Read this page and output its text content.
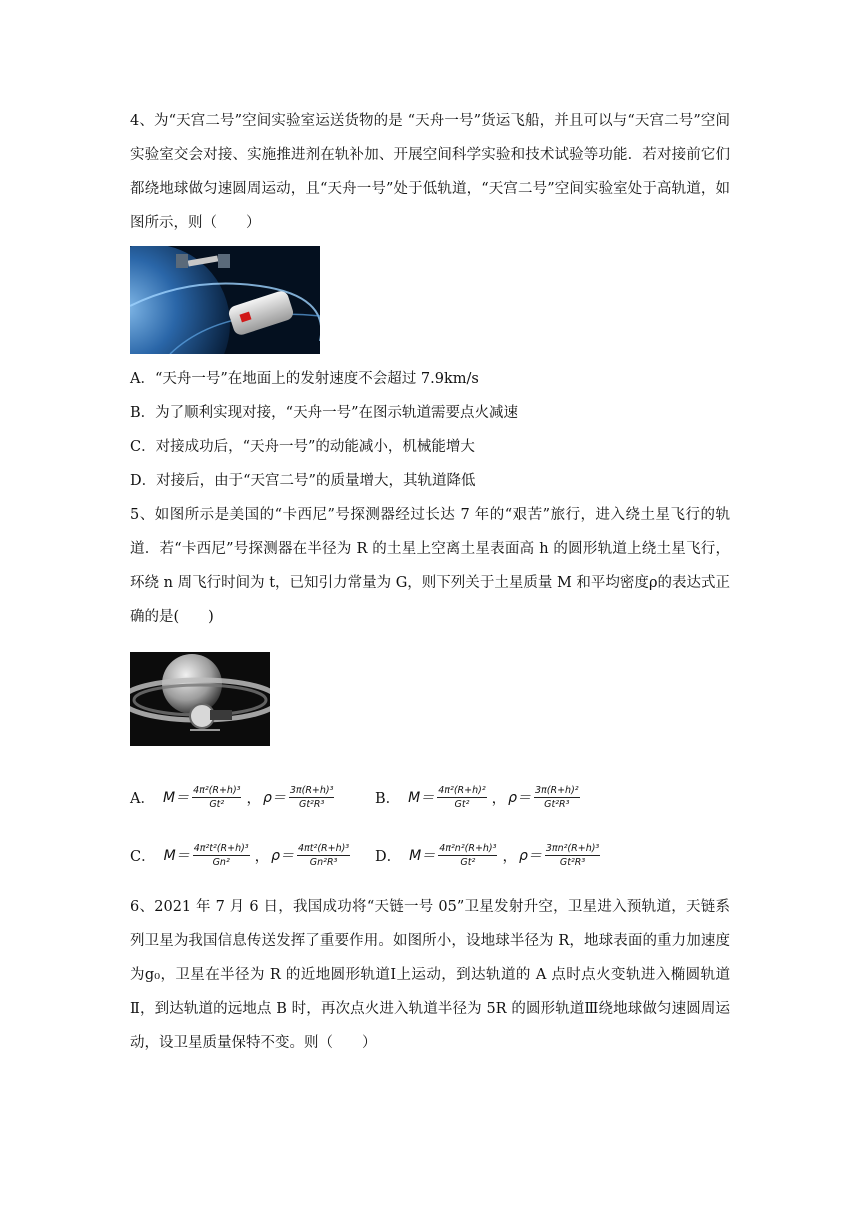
4、为“天宫二号”空间实验室运送货物的是 “天舟一号”货运飞船，并且可以与“天宫二号”空间实验室交会对接、实施推进剂在轨补加、开展空间科学实验和技术试验等功能．若对接前它们都绕地球做匀速圆周运动，且“天舟一号”处于低轨道，“天宫二号”空间实验室处于高轨道，如图所示，则（　　）

A．“天舟一号”在地面上的发射速度不会超过 7.9km/s

B．为了顺利实现对接，“天舟一号”在图示轨道需要点火减速

C．对接成功后，“天舟一号”的动能减小，机械能增大

D．对接后，由于“天宫二号”的质量增大，其轨道降低

5、如图所示是美国的“卡西尼”号探测器经过长达 7 年的“艰苦”旅行，进入绕土星飞行的轨道．若“卡西尼”号探测器在半径为 R 的土星上空离土星表面高 h 的圆形轨道上绕土星飞行，环绕 n 周飞行时间为 t，已知引力常量为 G，则下列关于土星质量 M 和平均密度ρ的表达式正确的是(　　)

A． $M= \frac{\text{4π²(R+h)³}}{\text{Gt²}}$ ， $\rho= \frac{\text{3π(R+h)³}}{\text{Gt²R³}}$	B． $M= \frac{\text{4π²(R+h)²}}{\text{Gt²}}$ ， $\rho= \frac{\text{3π(R+h)²}}{\text{Gt²R³}}$
C． $M= \frac{\text{4π²t²(R+h)³}}{\text{Gn²}}$ ， $\rho= \frac{\text{4πt²(R+h)³}}{\text{Gn²R³}}$ D． $M= \frac{\text{4π²n²(R+h)³}}{\text{Gt²}}$ ， $\rho= \frac{\text{3πn²(R+h)³}}{\text{Gt²R³}}$

6、2021 年 7 月 6 日，我国成功将“天链一号 05”卫星发射升空，卫星进入预轨道，天链系列卫星为我国信息传送发挥了重要作用。如图所小，设地球半径为 R，地球表面的重力加速度为g₀，卫星在半径为 R 的近地圆形轨道Ⅰ上运动，到达轨道的 A 点时点火变轨进入椭圆轨道Ⅱ，到达轨道的远地点 B 时，再次点火进入轨道半径为 5R 的圆形轨道Ⅲ绕地球做匀速圆周运动，设卫星质量保特不变。则（　　）
